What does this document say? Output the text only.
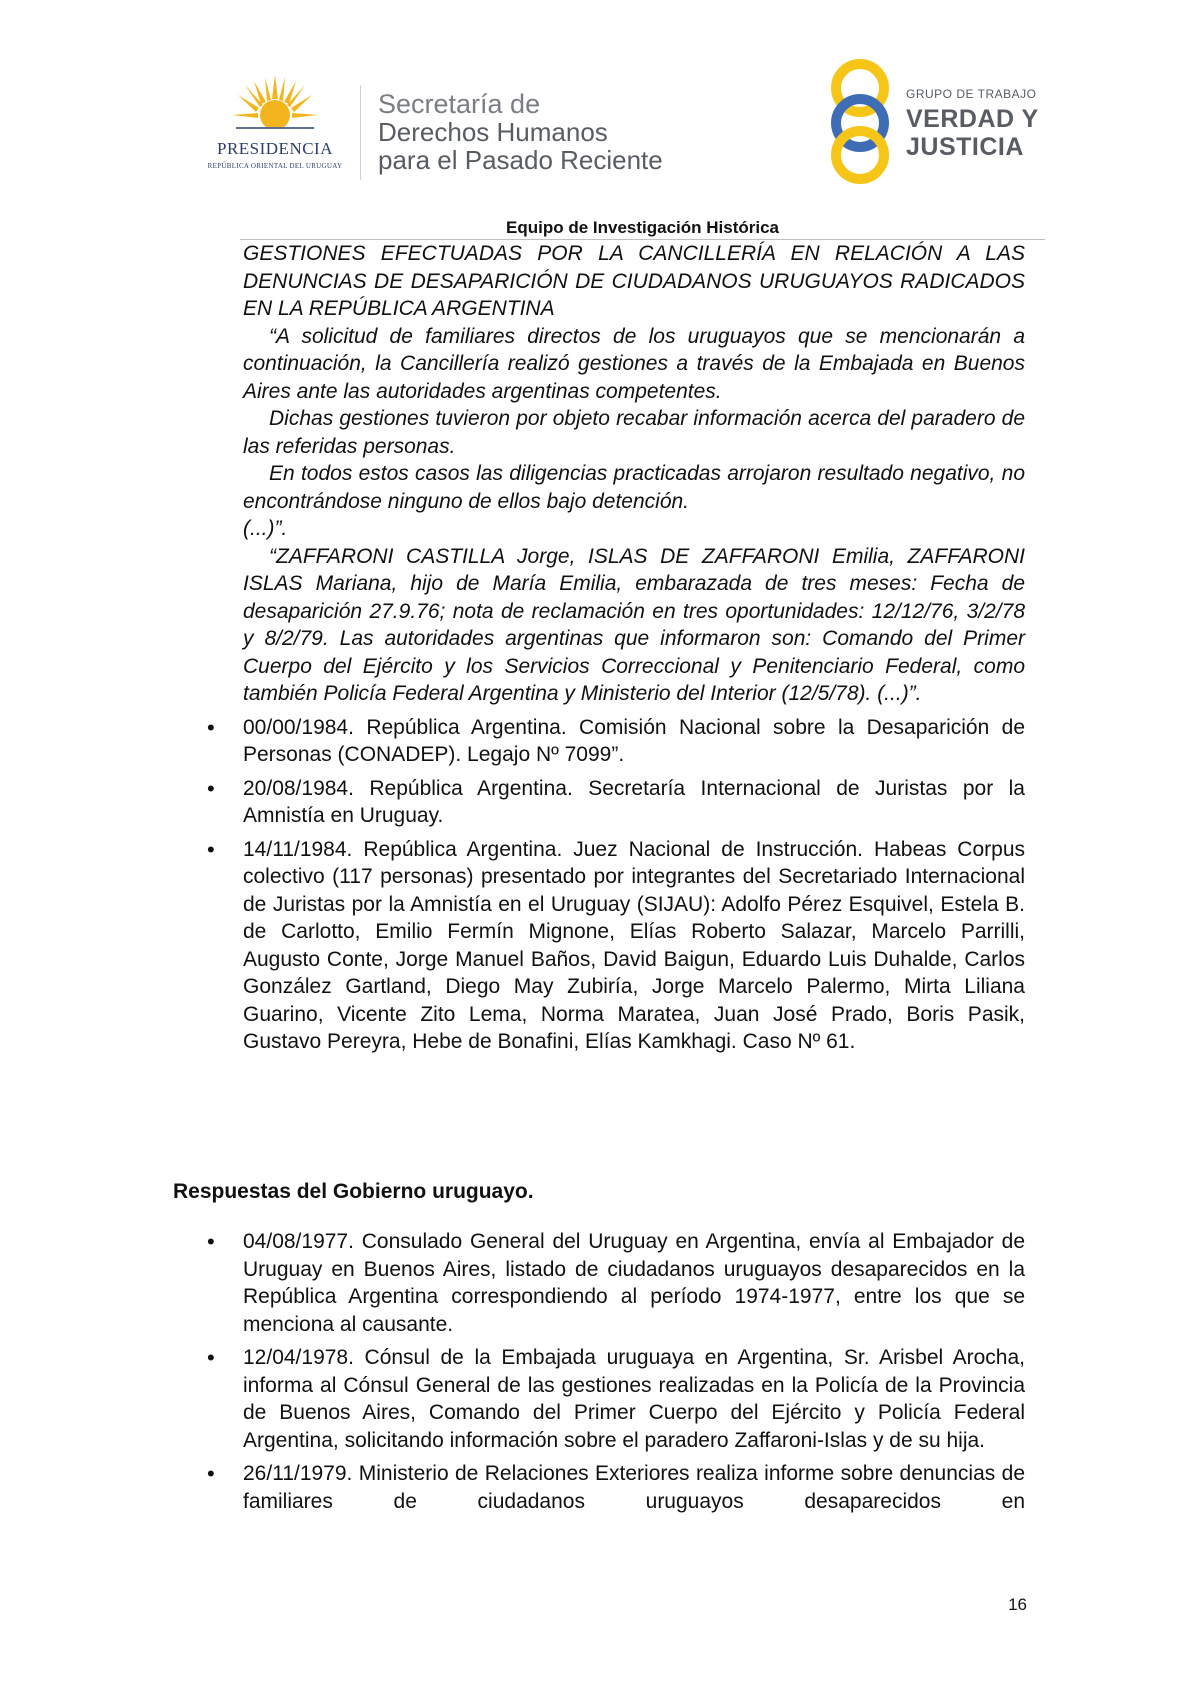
PRESIDENCIA
REPÚBLICA ORIENTAL DEL URUGUAY
Secretaría de
Derechos Humanos
para el Pasado Reciente
GRUPO DE TRABAJO
VERDAD Y
JUSTICIA
Equipo de Investigación Histórica

GESTIONES EFECTUADAS POR LA CANCILLERÍA EN RELACIÓN A LAS DENUNCIAS DE DESAPARICIÓN DE CIUDADANOS URUGUAYOS RADICADOS EN LA REPÚBLICA ARGENTINA

“A solicitud de familiares directos de los uruguayos que se mencionarán a continuación, la Cancillería realizó gestiones a través de la Embajada en Buenos Aires ante las autoridades argentinas competentes.

Dichas gestiones tuvieron por objeto recabar información acerca del paradero de las referidas personas.

En todos estos casos las diligencias practicadas arrojaron resultado negativo, no encontrándose ninguno de ellos bajo detención.

(...)”.

“ZAFFARONI CASTILLA Jorge, ISLAS DE ZAFFARONI Emilia, ZAFFARONI ISLAS Mariana, hijo de María Emilia, embarazada de tres meses: Fecha de desaparición 27.9.76; nota de reclamación en tres oportunidades: 12/12/76, 3/2/78 y 8/2/79. Las autoridades argentinas que informaron son: Comando del Primer Cuerpo del Ejército y los Servicios Correccional y Penitenciario Federal, como también Policía Federal Argentina y Ministerio del Interior (12/5/78). (...)”.

• 00/00/1984. República Argentina. Comisión Nacional sobre la Desaparición de Personas (CONADEP). Legajo Nº 7099”.
• 20/08/1984. República Argentina. Secretaría Internacional de Juristas por la Amnistía en Uruguay.
• 14/11/1984. República Argentina. Juez Nacional de Instrucción. Habeas Corpus colectivo (117 personas) presentado por integrantes del Secretariado Internacional de Juristas por la Amnistía en el Uruguay (SIJAU): Adolfo Pérez Esquivel, Estela B. de Carlotto, Emilio Fermín Mignone, Elías Roberto Salazar, Marcelo Parrilli, Augusto Conte, Jorge Manuel Baños, David Baigun, Eduardo Luis Duhalde, Carlos González Gartland, Diego May Zubiría, Jorge Marcelo Palermo, Mirta Liliana Guarino, Vicente Zito Lema, Norma Maratea, Juan José Prado, Boris Pasik, Gustavo Pereyra, Hebe de Bonafini, Elías Kamkhagi. Caso Nº 61.
Respuestas del Gobierno uruguayo.
• 04/08/1977. Consulado General del Uruguay en Argentina, envía al Embajador de Uruguay en Buenos Aires, listado de ciudadanos uruguayos desaparecidos en la República Argentina correspondiendo al período 1974-1977, entre los que se menciona al causante.
• 12/04/1978. Cónsul de la Embajada uruguaya en Argentina, Sr. Arisbel Arocha, informa al Cónsul General de las gestiones realizadas en la Policía de la Provincia de Buenos Aires, Comando del Primer Cuerpo del Ejército y Policía Federal Argentina, solicitando información sobre el paradero Zaffaroni-Islas y de su hija.
• 26/11/1979. Ministerio de Relaciones Exteriores realiza informe sobre denuncias de familiares de ciudadanos uruguayos desaparecidos en
16
